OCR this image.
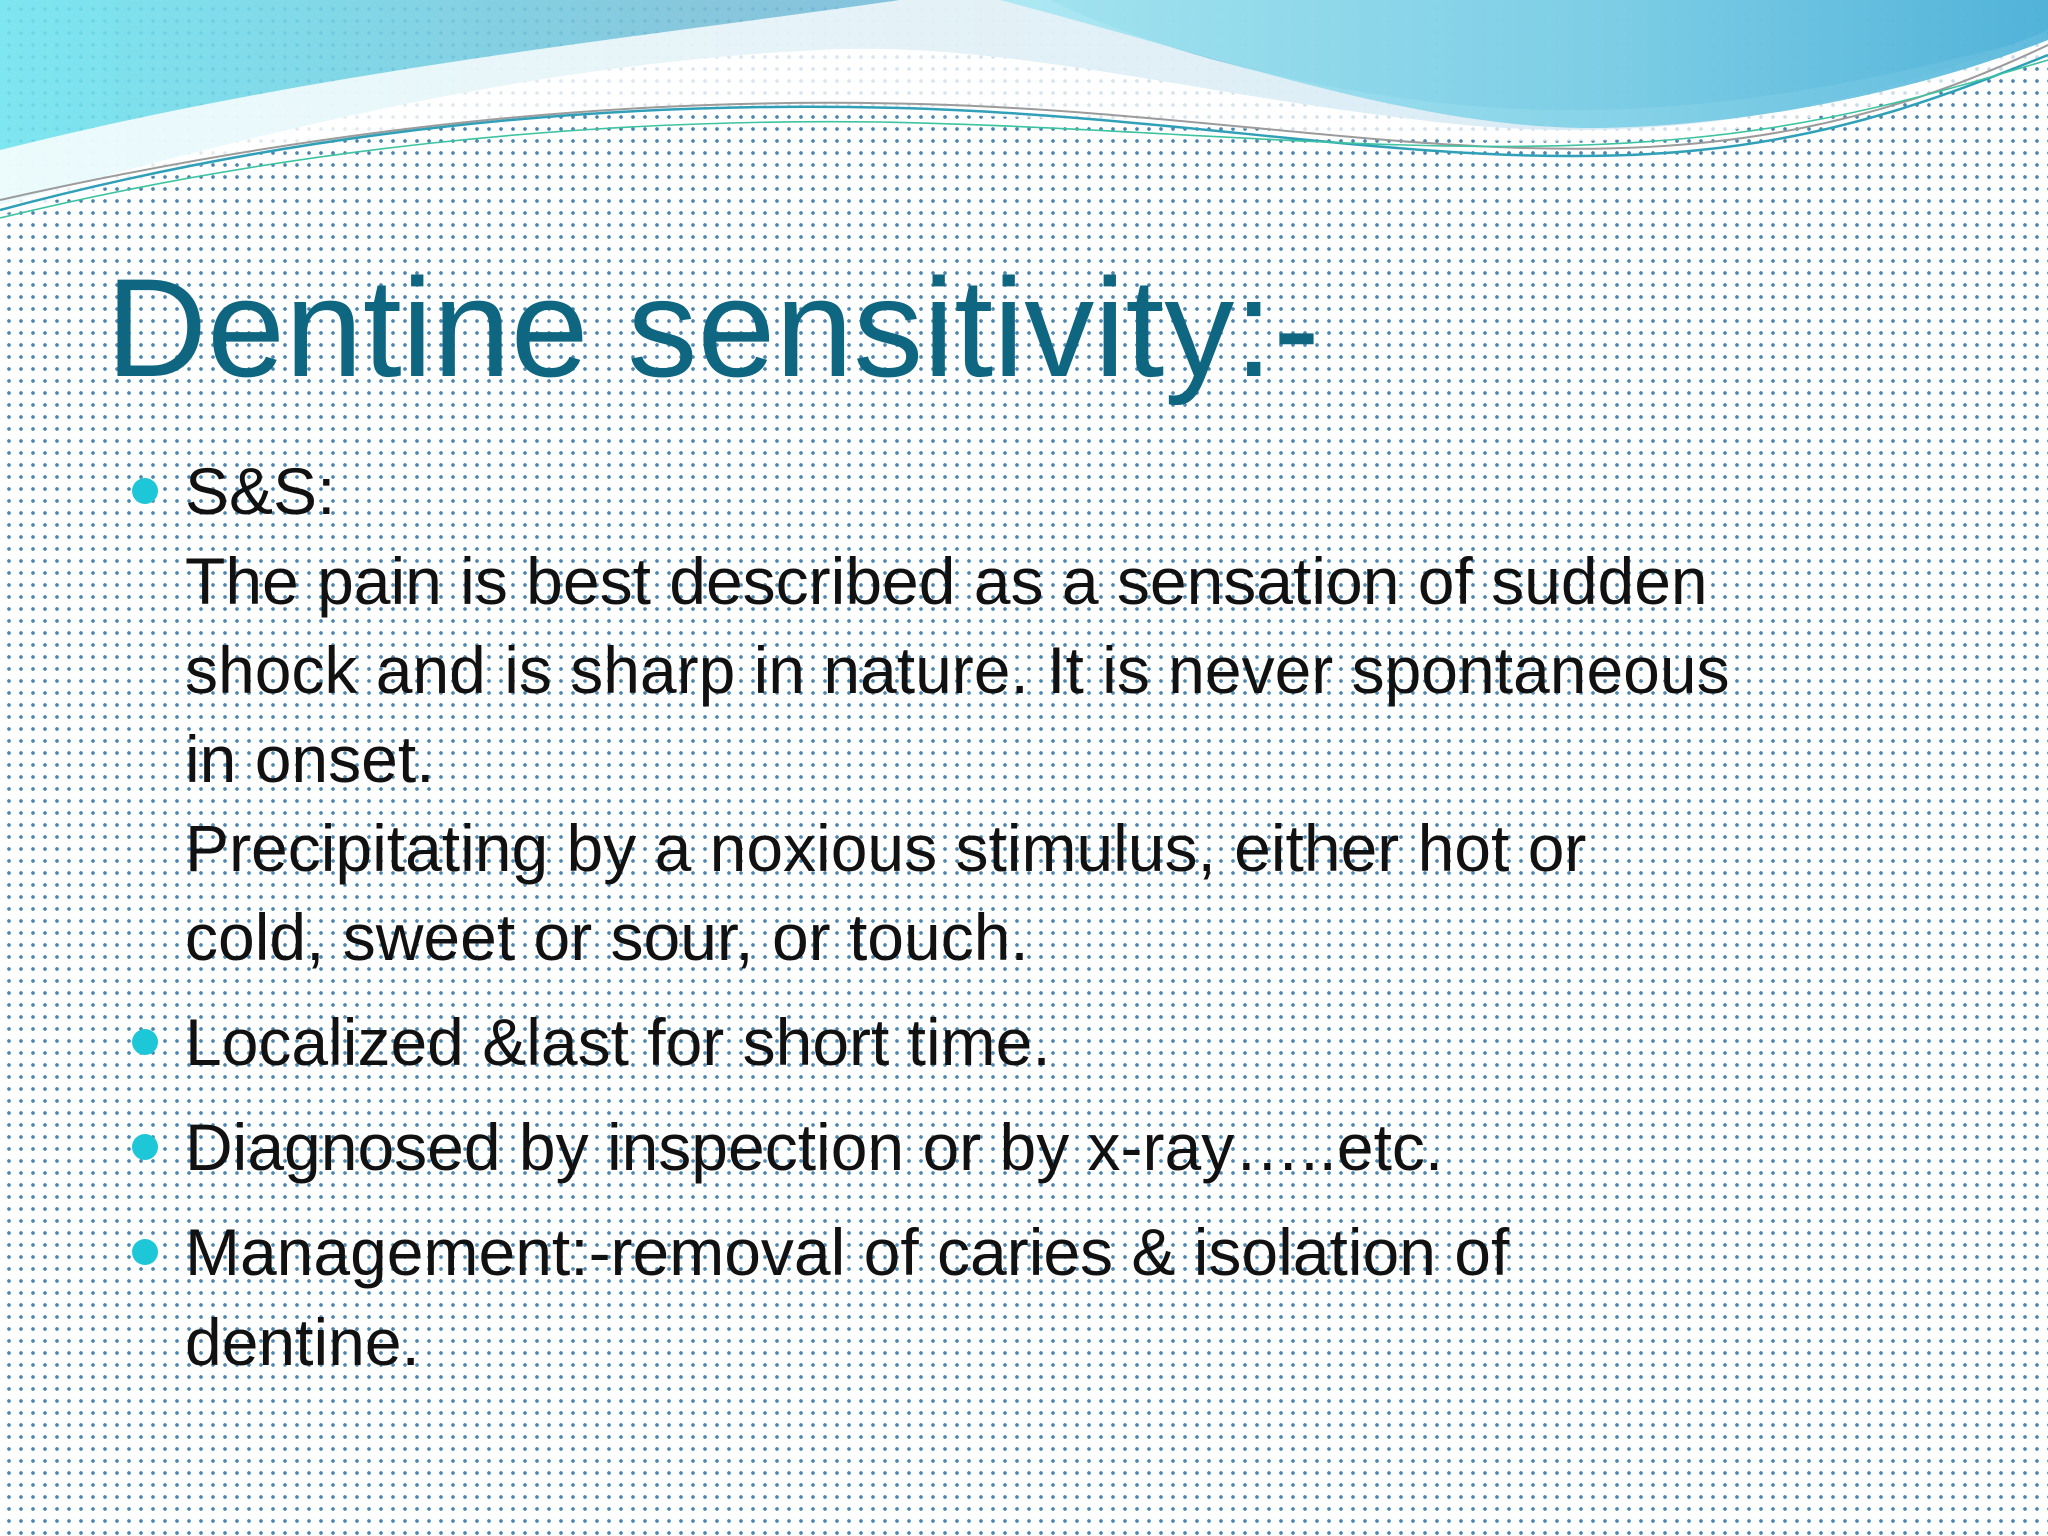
Dentine sensitivity:-
S&S:
The pain is best described as a sensation of sudden
shock and is sharp in nature. It is never spontaneous
in onset.
Precipitating by a noxious stimulus, either hot or
cold, sweet or sour, or touch.
Localized &last for short time.
Diagnosed by inspection or by x-ray…..etc.
Management:-removal of caries & isolation of
dentine.
